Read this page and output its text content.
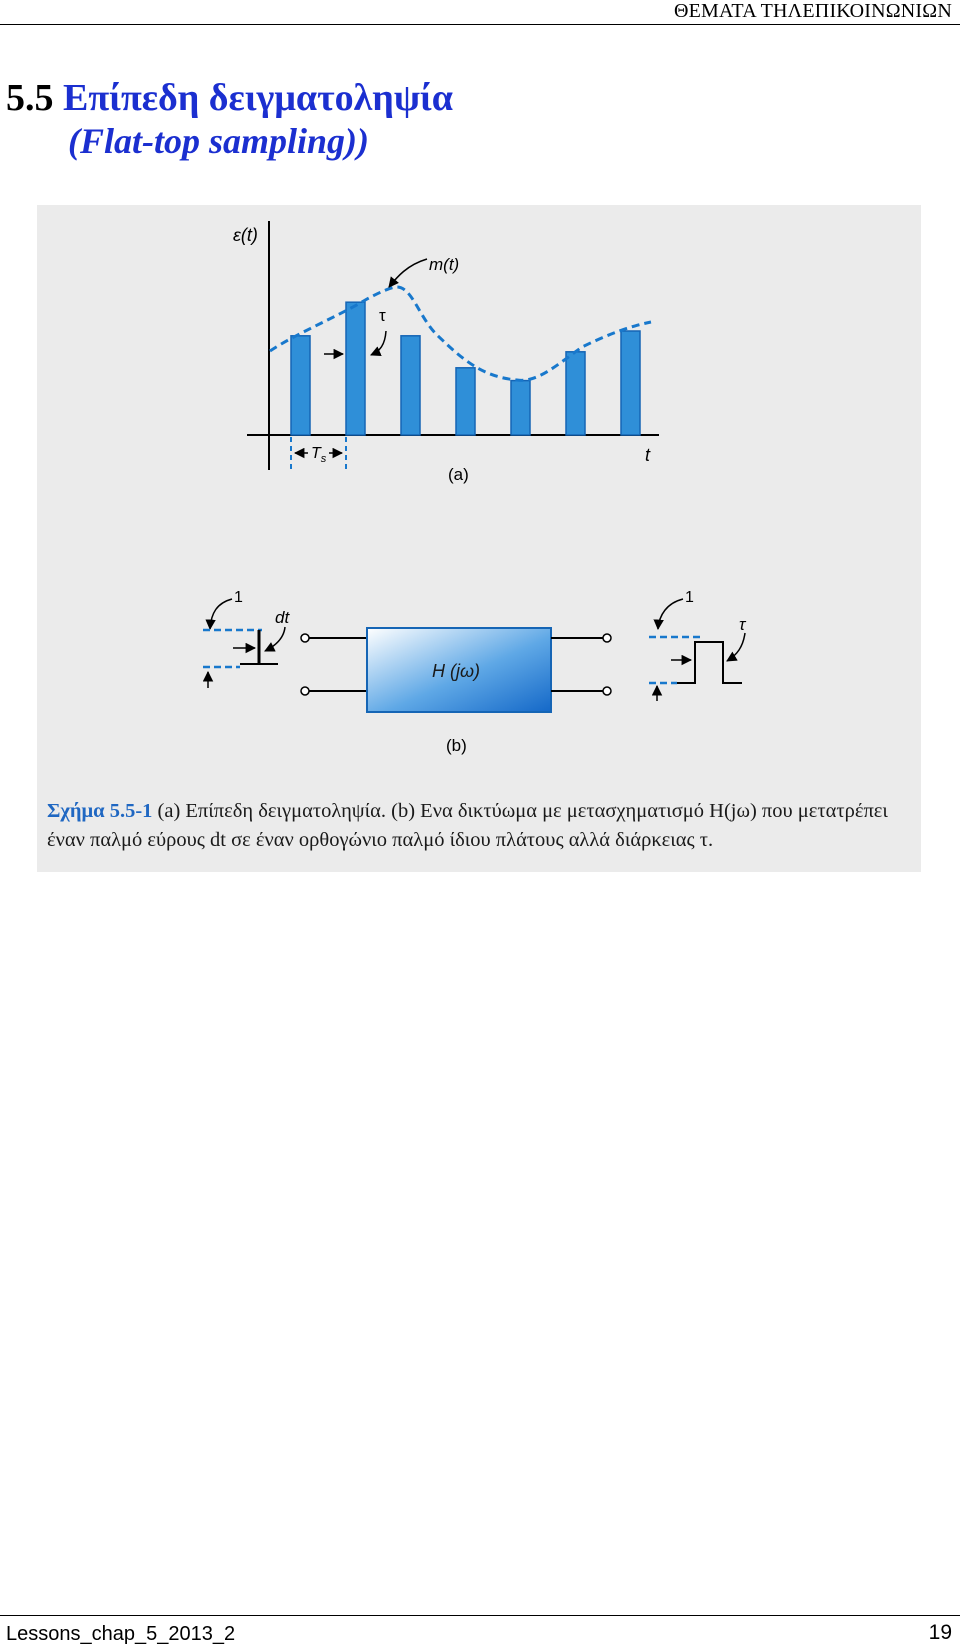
ΘΕΜΑΤΑ ΤΗΛΕΠΙΚΟΙΝΩΝΙΩΝ
5.5 Επίπεδη δειγματοληψία
(Flat-top sampling))
ε(t)
t
m(t)
τ
$T_s$
(a)
1
dt
H (jω)
1
τ
(b)
Σχήμα 5.5-1 (a) Επίπεδη δειγματοληψία. (b) Ενα δικτύωμα με μετασχηματισμό H(jω) που μετατρέπει έναν παλμό εύρους dt σε έναν ορθογώνιο παλμό ίδιου πλάτους αλλά διάρκειας τ.
Lessons_chap_5_2013_2	19
